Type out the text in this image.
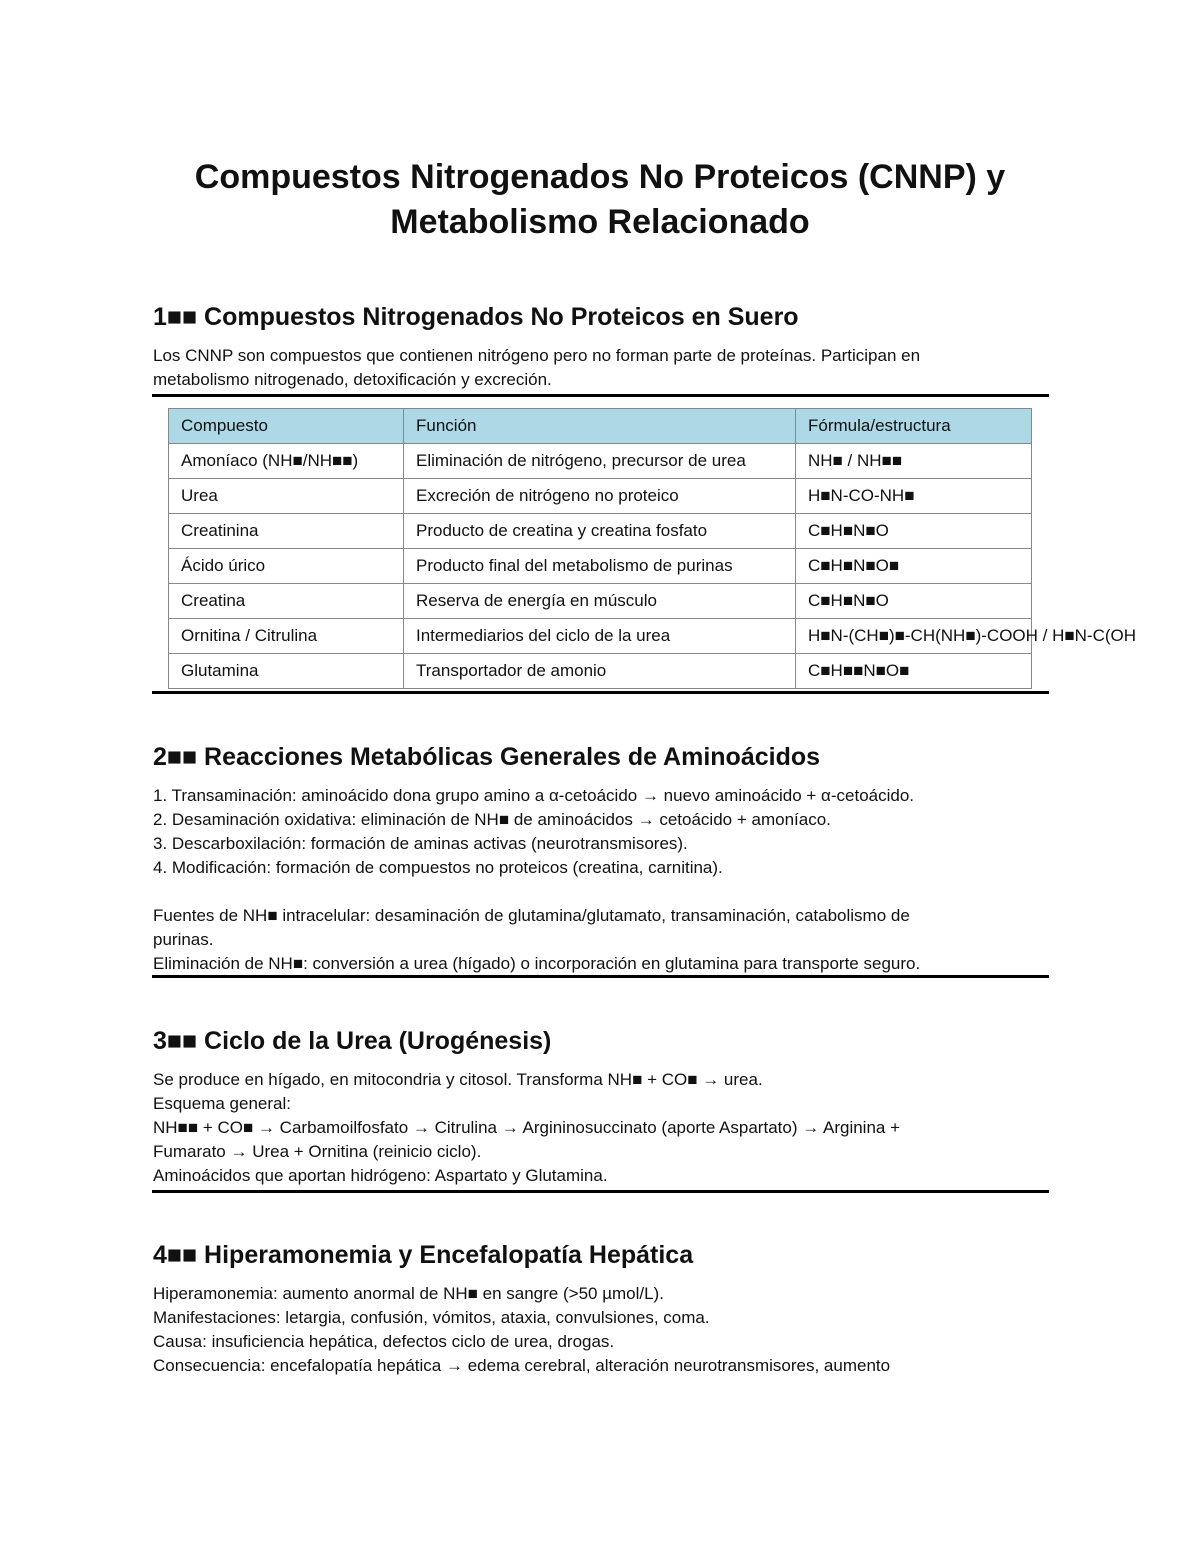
Compuestos Nitrogenados No Proteicos (CNNP) y
Metabolismo Relacionado
1■■ Compuestos Nitrogenados No Proteicos en Suero
Los CNNP son compuestos que contienen nitrógeno pero no forman parte de proteínas. Participan en
metabolismo nitrogenado, detoxificación y excreción.
Compuesto	Función	Fórmula/estructura
Amoníaco (NH■/NH■■)	Eliminación de nitrógeno, precursor de urea	NH■ / NH■■
Urea	Excreción de nitrógeno no proteico	H■N-CO-NH■
Creatinina	Producto de creatina y creatina fosfato	C■H■N■O
Ácido úrico	Producto final del metabolismo de purinas	C■H■N■O■
Creatina	Reserva de energía en músculo	C■H■N■O
Ornitina / Citrulina	Intermediarios del ciclo de la urea	H■N-(CH■)■-CH(NH■)-COOH / H■N-C(OH
Glutamina	Transportador de amonio	C■H■■N■O■
2■■ Reacciones Metabólicas Generales de Aminoácidos
1. Transaminación: aminoácido dona grupo amino a α-cetoácido → nuevo aminoácido + α-cetoácido.
2. Desaminación oxidativa: eliminación de NH■ de aminoácidos → cetoácido + amoníaco.
3. Descarboxilación: formación de aminas activas (neurotransmisores).
4. Modificación: formación de compuestos no proteicos (creatina, carnitina).
Fuentes de NH■ intracelular: desaminación de glutamina/glutamato, transaminación, catabolismo de
purinas.
Eliminación de NH■: conversión a urea (hígado) o incorporación en glutamina para transporte seguro.
3■■ Ciclo de la Urea (Urogénesis)
Se produce en hígado, en mitocondria y citosol. Transforma NH■ + CO■ → urea.
Esquema general:
NH■■ + CO■ → Carbamoilfosfato → Citrulina → Argininosuccinato (aporte Aspartato) → Arginina +
Fumarato → Urea + Ornitina (reinicio ciclo).
Aminoácidos que aportan hidrógeno: Aspartato y Glutamina.
4■■ Hiperamonemia y Encefalopatía Hepática
Hiperamonemia: aumento anormal de NH■ en sangre (>50 µmol/L).
Manifestaciones: letargia, confusión, vómitos, ataxia, convulsiones, coma.
Causa: insuficiencia hepática, defectos ciclo de urea, drogas.
Consecuencia: encefalopatía hepática → edema cerebral, alteración neurotransmisores, aumento
